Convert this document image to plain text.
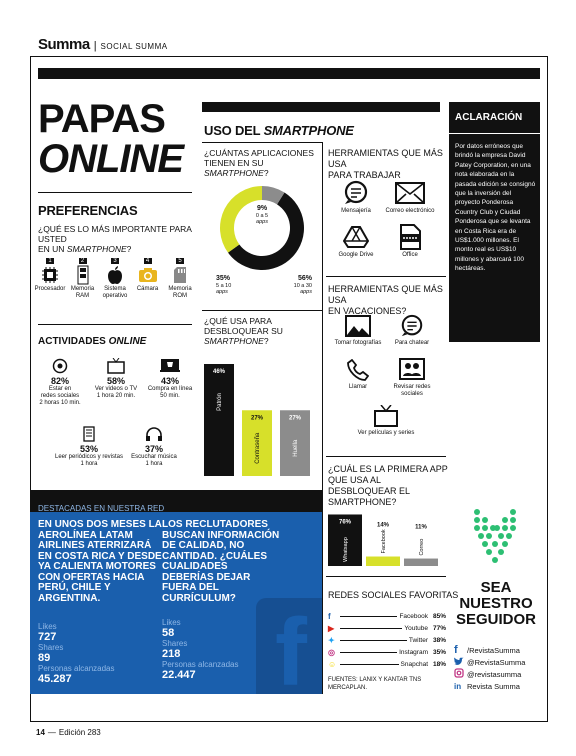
Summa | SOCIAL SUMMA
PAPAS
ONLINE
PREFERENCIAS
¿QUÉ ES LO MÁS IMPORTANTE PARA USTED
EN UN SMARTPHONE?
1
Procesador
2
Memoria RAM
3
Sistema operativo
4
Cámara
5
Memoria ROM
ACTIVIDADES ONLINE
82%
Estar en
redes sociales
2 horas 10 min.
58%
Ver videos o TV
1 hora 20 min.
43%
Compra en línea
50 min.
53%
Leer periódicos y revistas
1 hora
37%
Escuchar música
1 hora
USO DEL SMARTPHONE
¿CUÁNTAS APLICACIONES
TIENEN EN SU SMARTPHONE?
9%
0 a 5
apps
35%
5 a 10
apps
56%
10 a 30
apps
¿QUÉ USA PARA
DESBLOQUEAR SU
SMARTPHONE?
46%
Patrón
27%
Contraseña
27%
Huella
HERRAMIENTAS QUE MÁS USA
PARA TRABAJAR
Mensajería	Correo electrónico
Google Drive	Office
HERRAMIENTAS QUE MÁS USA
EN VACACIONES?
Tomar fotografías	Para chatear
Llamar	Revisar redes sociales
Ver películas y series
¿CUÁL ES LA PRIMERA APP
QUE USA AL DESBLOQUEAR EL
SMARTPHONE?
76%
Whatsapp
14%
Facebook
11%
Correo
REDES SOCIALES FAVORITAS
f	Facebook 85%
▶	Youtube 77%
✦	Twitter 38%
◎	Instagram 35%
☺	Snapchat 18%
FUENTES: LANIX Y KANTAR TNS
MERCAPLAN.
ACLARACIÓN
Por datos erróneos que brindó la empresa David Patey Corporation, en una nota elaborada en la pasada edición se consignó que la inversión del proyecto Ponderosa Country Club y Ciudad Ponderosa que se levanta en Costa Rica era de US$1.000 millones. El monto real es US$10 millones y abarcará 100 hectáreas.
SEA
NUESTRO
SEGUIDOR
f	/RevistaSumma
@RevistaSumma
@revistasumma
in Revista Summa
DESTACADAS EN NUESTRA RED
f
EN UNOS DOS MESES LA AEROLÍNEA LATAM AIRLINES ATERRIZARÁ EN COSTA RICA Y DESDE YA CALIENTA MOTORES CON OFERTAS HACIA PERÚ, CHILE Y ARGENTINA.
Likes
727
Shares
89
Personas alcanzadas
45.287
LOS RECLUTADORES BUSCAN INFORMACIÓN DE CALIDAD, NO CANTIDAD. ¿CUÁLES CUALIDADES DEBERÍAS DEJAR FUERA DEL CURRÍCULUM?
Likes
58
Shares
218
Personas alcanzadas
22.447
14 — Edición 283
